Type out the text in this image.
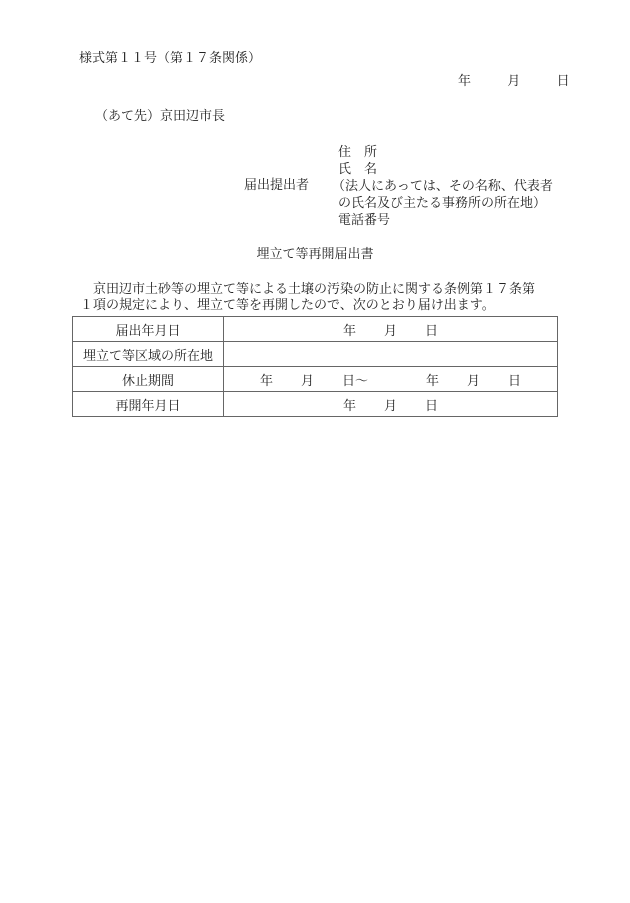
様式第１１号（第１７条関係）
年	月	日
（あて先）京田辺市長
届出提出者
住　所
氏　名
（法人にあっては、その名称、代表者
の氏名及び主たる事務所の所在地）
電話番号
埋立て等再開届出書
京田辺市土砂等の埋立て等による土壌の汚染の防止に関する条例第１７条第
１項の規定により、埋立て等を再開したので、次のとおり届け出ます。
届出年月日	年 月 日
埋立て等区域の所在地	
休止期間	年 月 日～ 年 月 日
再開年月日	年 月 日
